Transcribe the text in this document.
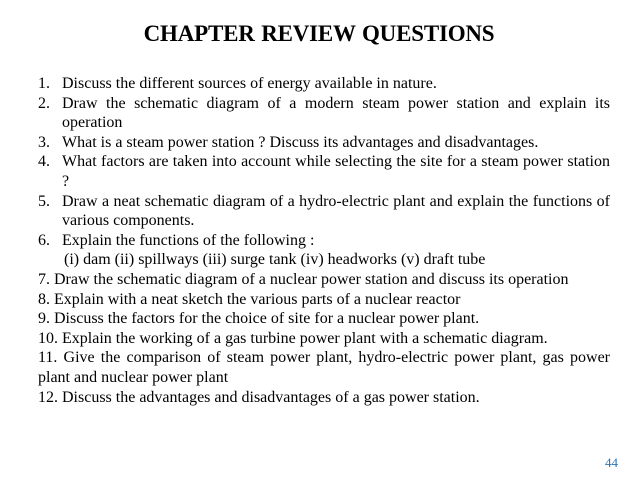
CHAPTER REVIEW QUESTIONS
1. Discuss the different sources of energy available in nature.
2. Draw the schematic diagram of a modern steam power station and explain its operation
3. What is a steam power station ? Discuss its advantages and disadvantages.
4. What factors are taken into account while selecting the site for a steam power station ?
5. Draw a neat schematic diagram of a hydro-electric plant and explain the functions of various components.
6. Explain the functions of the following :
(i) dam (ii) spillways (iii) surge tank (iv) headworks (v) draft tube
7. Draw the schematic diagram of a nuclear power station and discuss its operation
8. Explain with a neat sketch the various parts of a nuclear reactor
9. Discuss the factors for the choice of site for a nuclear power plant.
10. Explain the working of a gas turbine power plant with a schematic diagram.
11. Give the comparison of steam power plant, hydro-electric power plant, gas power plant and nuclear power plant
12. Discuss the advantages and disadvantages of a gas power station.
44
